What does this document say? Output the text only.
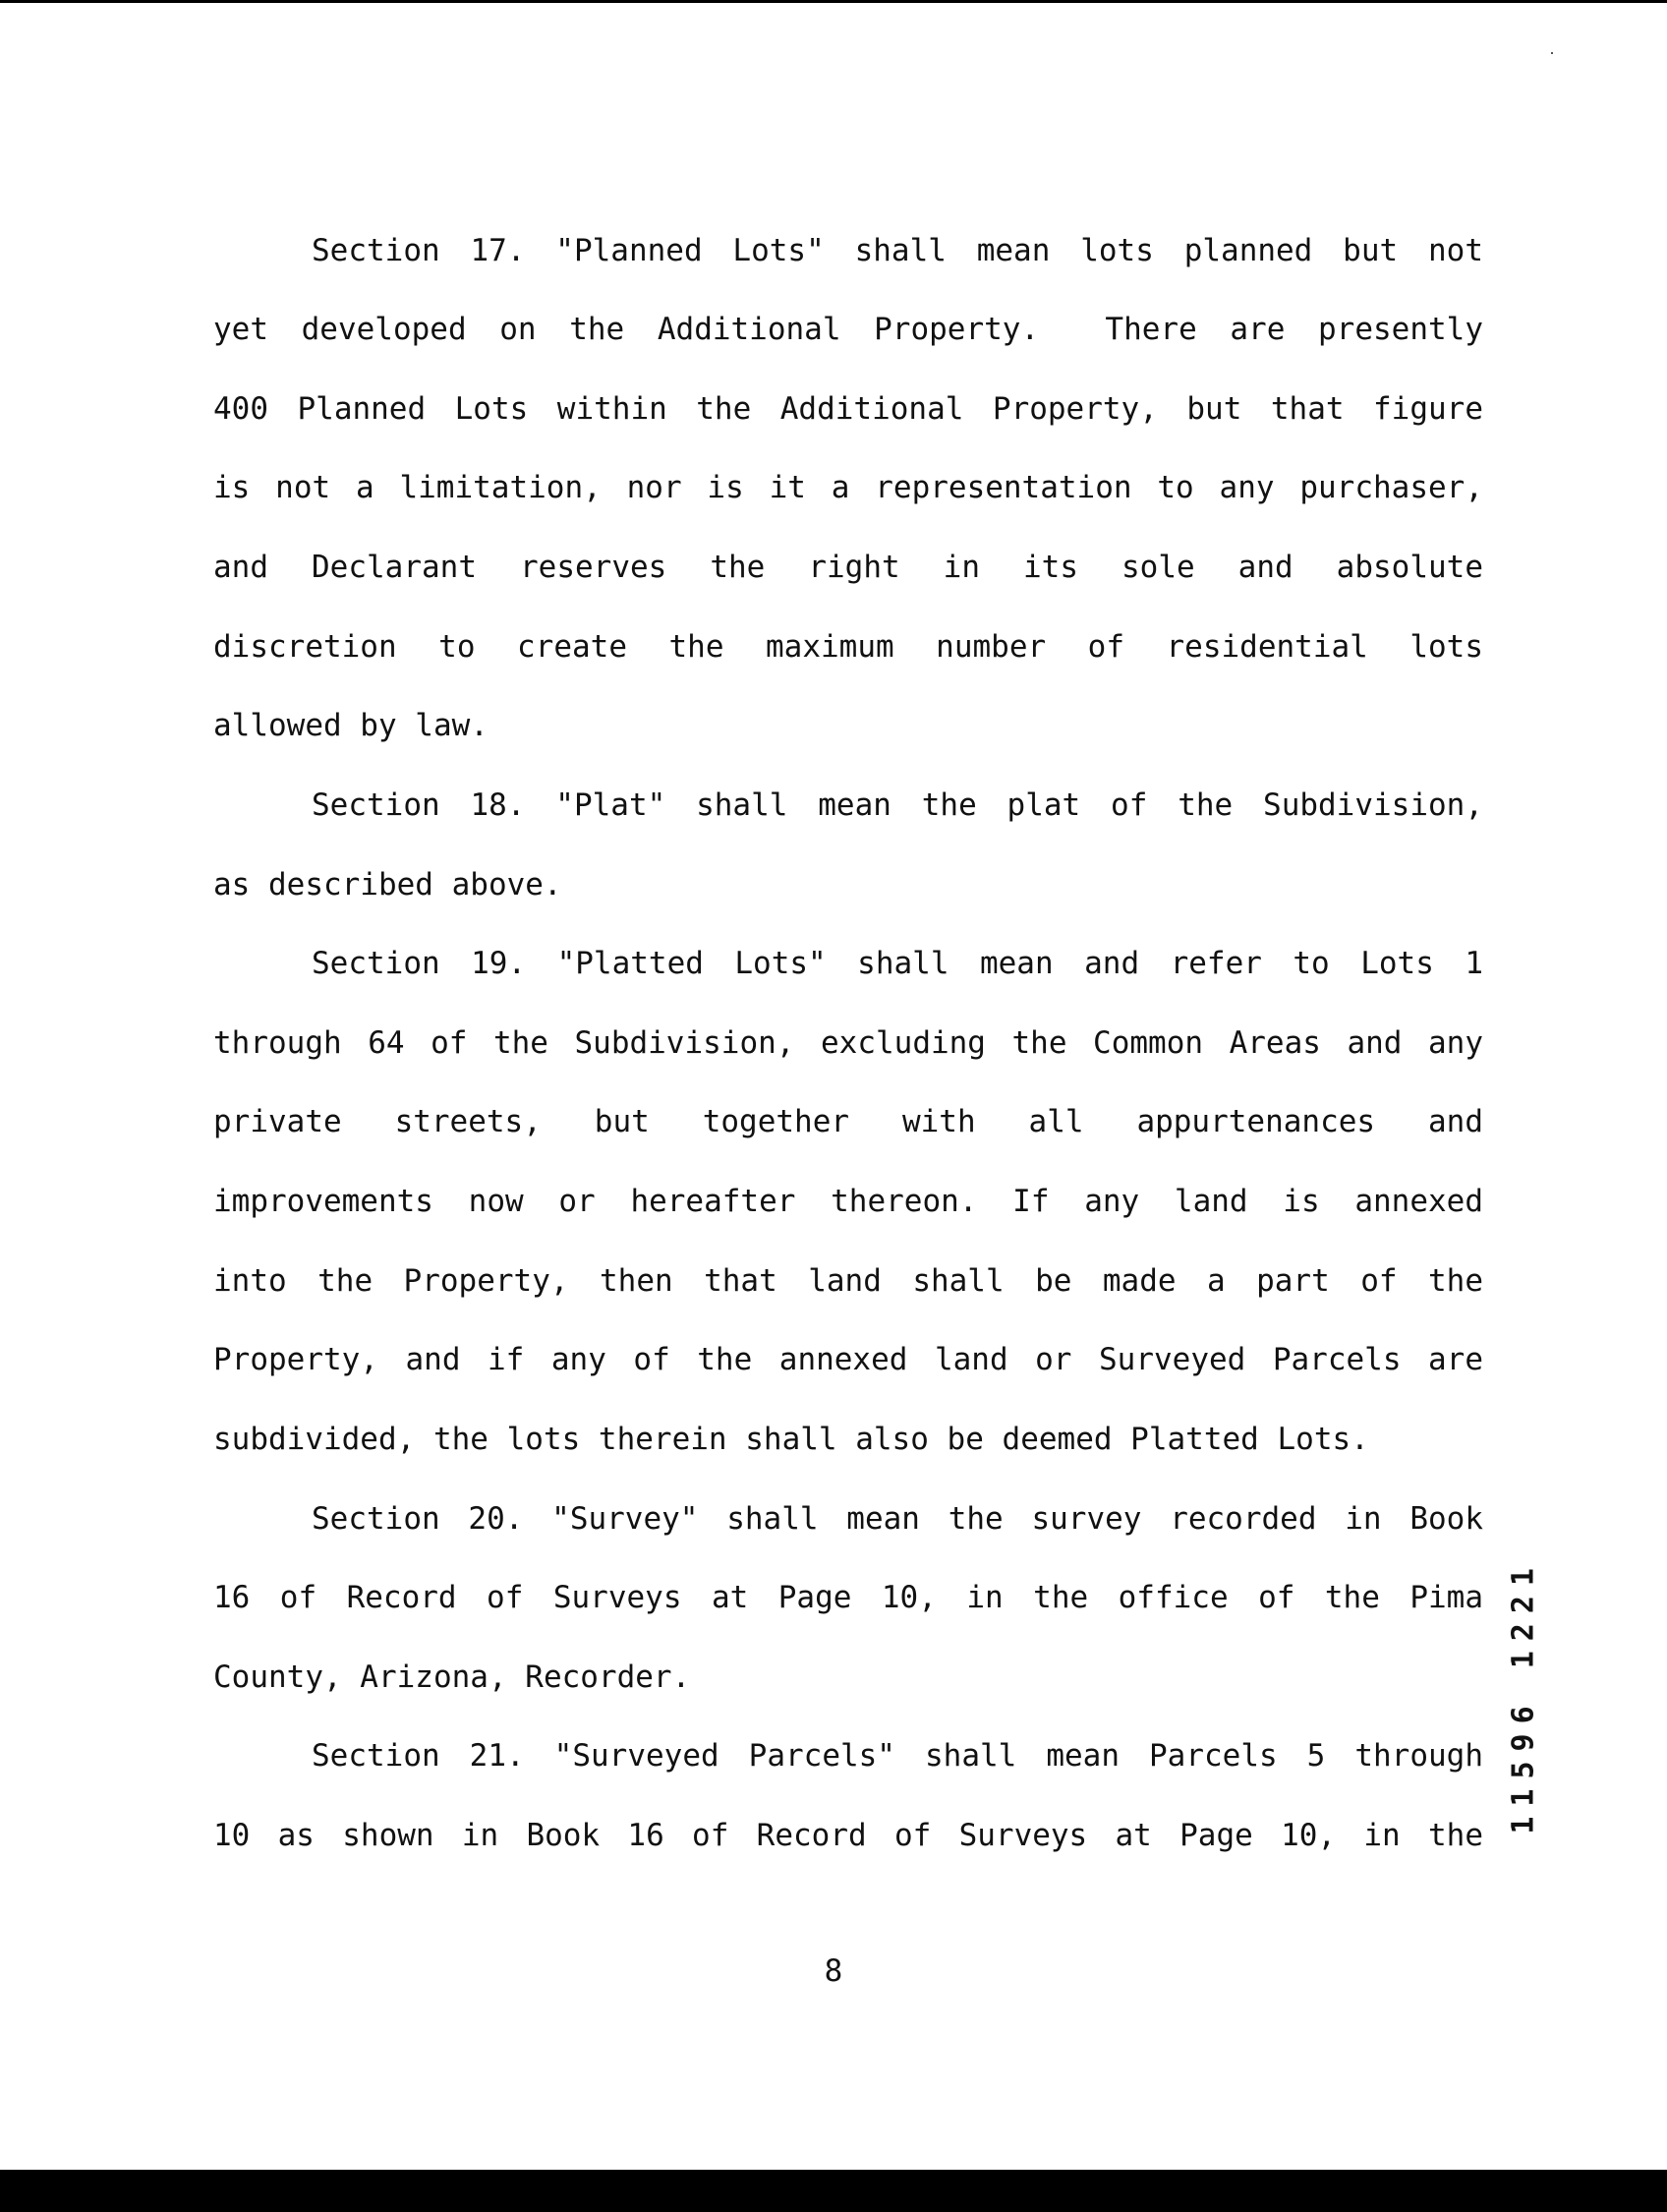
Section 17. "Planned Lots" shall mean lots planned but not
yet developed on the Additional Property.  There are presently
400 Planned Lots within the Additional Property, but that figure
is not a limitation, nor is it a representation to any purchaser,
and Declarant reserves the right in its sole and absolute
discretion to create the maximum number of residential lots
allowed by law.
Section 18. "Plat" shall mean the plat of the Subdivision,
as described above.
Section 19. "Platted Lots" shall mean and refer to Lots 1
through 64 of the Subdivision, excluding the Common Areas and any
private streets, but together with all appurtenances and
improvements now or hereafter thereon. If any land is annexed
into the Property, then that land shall be made a part of the
Property, and if any of the annexed land or Surveyed Parcels are
subdivided, the lots therein shall also be deemed Platted Lots.
Section 20. "Survey" shall mean the survey recorded in Book
16 of Record of Surveys at Page 10, in the office of the Pima
County, Arizona, Recorder.
Section 21. "Surveyed Parcels" shall mean Parcels 5 through
10 as shown in Book 16 of Record of Surveys at Page 10, in the
8
11596 1221
